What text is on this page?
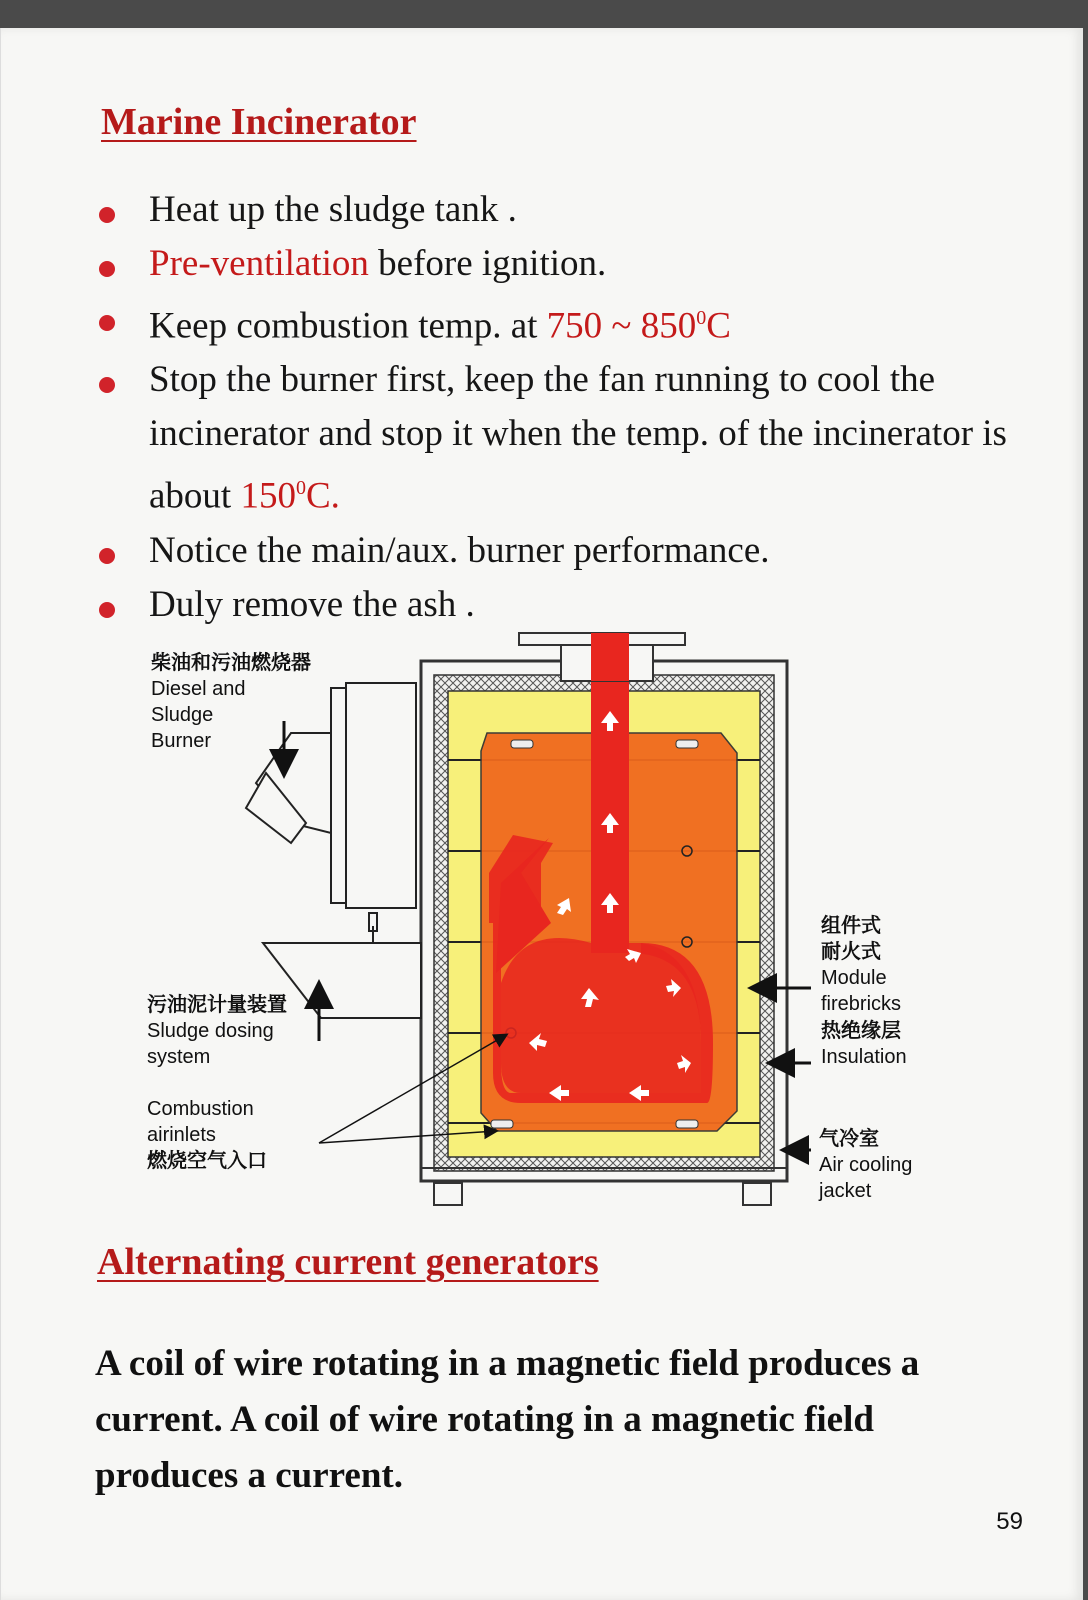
Marine Incinerator
Heat up the sludge tank .
Pre-ventilation before ignition.
Keep combustion temp. at 750 ~ $850^0C$
Stop the burner first, keep the fan running to cool the incinerator and stop it when the temp. of the incinerator is about $150^0C$.
Notice the main/aux. burner performance.
Duly remove the ash .
柴油和污油燃烧器
Diesel and
Sludge
Burner
污油泥计量装置
Sludge dosing
system
Combustion
airinlets
燃烧空气入口
组件式
耐火式
Module
firebricks
热绝缘层
Insulation
气冷室
Air cooling
jacket
Alternating current generators
A coil of wire rotating in a magnetic field produces a current. A coil of wire rotating in a magnetic field produces a current.
59
